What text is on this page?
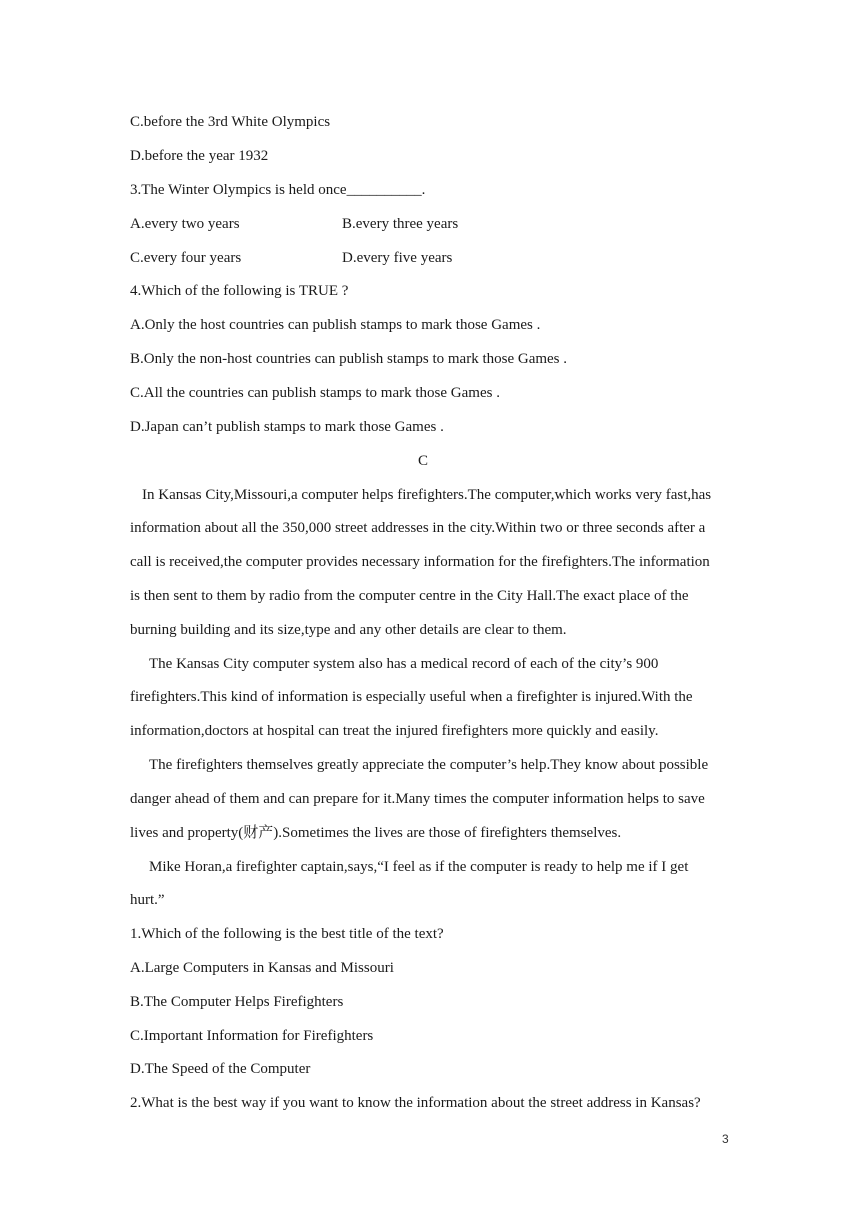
C.before the 3rd White Olympics
D.before the year 1932
3.The Winter Olympics is held once__________.
A.every two years	B.every three years
C.every four years	D.every five years
4.Which of the following is TRUE ?
A.Only the host countries can publish stamps to mark those Games .
B.Only the non-host countries can publish stamps to mark those Games .
C.All the countries can publish stamps to mark those Games .
D.Japan can’t publish stamps to mark those Games .
C
In Kansas City,Missouri,a computer helps firefighters.The computer,which works very fast,has
information about all the 350,000 street addresses in the city.Within two or three seconds after a
call is received,the computer provides necessary information for the firefighters.The information
is then sent to them by radio from the computer centre in the City Hall.The exact place of the
burning building and its size,type and any other details are clear to them.
The Kansas City computer system also has a medical record of each of the city’s 900
firefighters.This kind of information is especially useful when a firefighter is injured.With the
information,doctors at hospital can treat the injured firefighters more quickly and easily.
The firefighters themselves greatly appreciate the computer’s help.They know about possible
danger ahead of them and can prepare for it.Many times the computer information helps to save
lives and property(财产).Sometimes the lives are those of firefighters themselves.
Mike Horan,a firefighter captain,says,“I feel as if the computer is ready to help me if I get
hurt.”
1.Which of the following is the best title of the text?
A.Large Computers in Kansas and Missouri
B.The Computer Helps Firefighters
C.Important Information for Firefighters
D.The Speed of the Computer
2.What is the best way if you want to know the information about the street address in Kansas?
3
